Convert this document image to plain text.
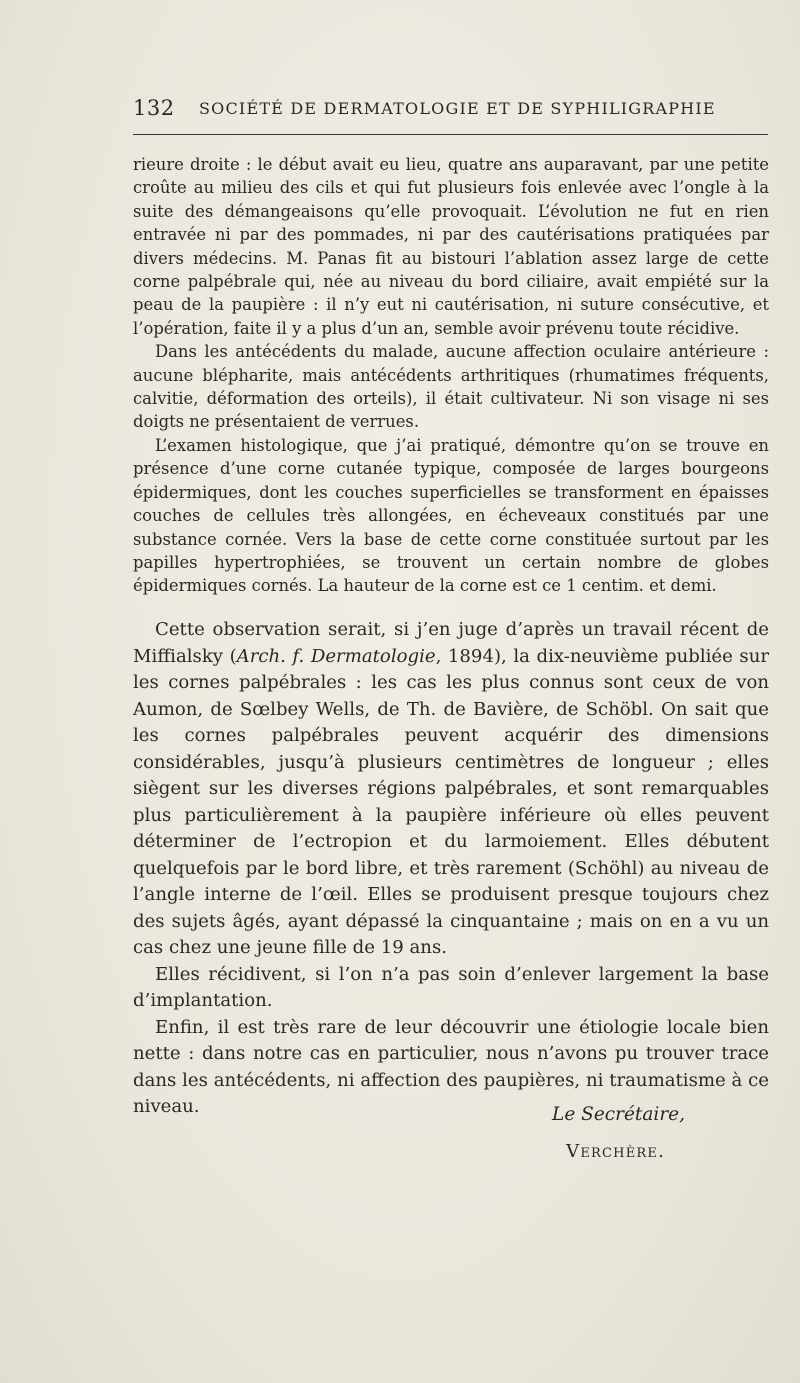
132 SOCIÉTÉ DE DERMATOLOGIE ET DE SYPHILIGRAPHIE

rieure droite : le début avait eu lieu, quatre ans auparavant, par une petite croûte au milieu des cils et qui fut plusieurs fois enlevée avec l’ongle à la suite des démangeaisons qu’elle provoquait. L’évolution ne fut en rien entravée ni par des pommades, ni par des cautérisations pratiquées par divers médecins. M. Panas fit au bistouri l’ablation assez large de cette corne palpébrale qui, née au niveau du bord ciliaire, avait empiété sur la peau de la paupière : il n’y eut ni cautérisation, ni suture consécutive, et l’opération, faite il y a plus d’un an, semble avoir prévenu toute récidive.

Dans les antécédents du malade, aucune affection oculaire antérieure : aucune blépharite, mais antécédents arthritiques (rhumatimes fréquents, calvitie, déformation des orteils), il était cultivateur. Ni son visage ni ses doigts ne présentaient de verrues.

L’examen histologique, que j’ai pratiqué, démontre qu’on se trouve en présence d’une corne cutanée typique, composée de larges bourgeons épidermiques, dont les couches superficielles se transforment en épaisses couches de cellules très allongées, en écheveaux constitués par une substance cornée. Vers la base de cette corne constituée surtout par les papilles hypertrophiées, se trouvent un certain nombre de globes épidermiques cornés. La hauteur de la corne est ce 1 centim. et demi.

Cette observation serait, si j’en juge d’après un travail récent de Miffialsky (Arch. f. Dermatologie, 1894), la dix-neuvième publiée sur les cornes palpébrales : les cas les plus connus sont ceux de von Aumon, de Sœlbey Wells, de Th. de Bavière, de Schöbl. On sait que les cornes palpébrales peuvent acquérir des dimensions considérables, jusqu’à plusieurs centimètres de longueur ; elles siègent sur les diverses régions palpébrales, et sont remarquables plus particulièrement à la paupière inférieure où elles peuvent déterminer de l’ectropion et du larmoiement. Elles débutent quelquefois par le bord libre, et très rarement (Schöhl) au niveau de l’angle interne de l’œil. Elles se produisent presque toujours chez des sujets âgés, ayant dépassé la cinquantaine ; mais on en a vu un cas chez une jeune fille de 19 ans.

Elles récidivent, si l’on n’a pas soin d’enlever largement la base d’implantation.

Enfin, il est très rare de leur découvrir une étiologie locale bien nette : dans notre cas en particulier, nous n’avons pu trouver trace dans les antécédents, ni affection des paupières, ni traumatisme à ce niveau.	Le Secrétaire,
Verchère.
